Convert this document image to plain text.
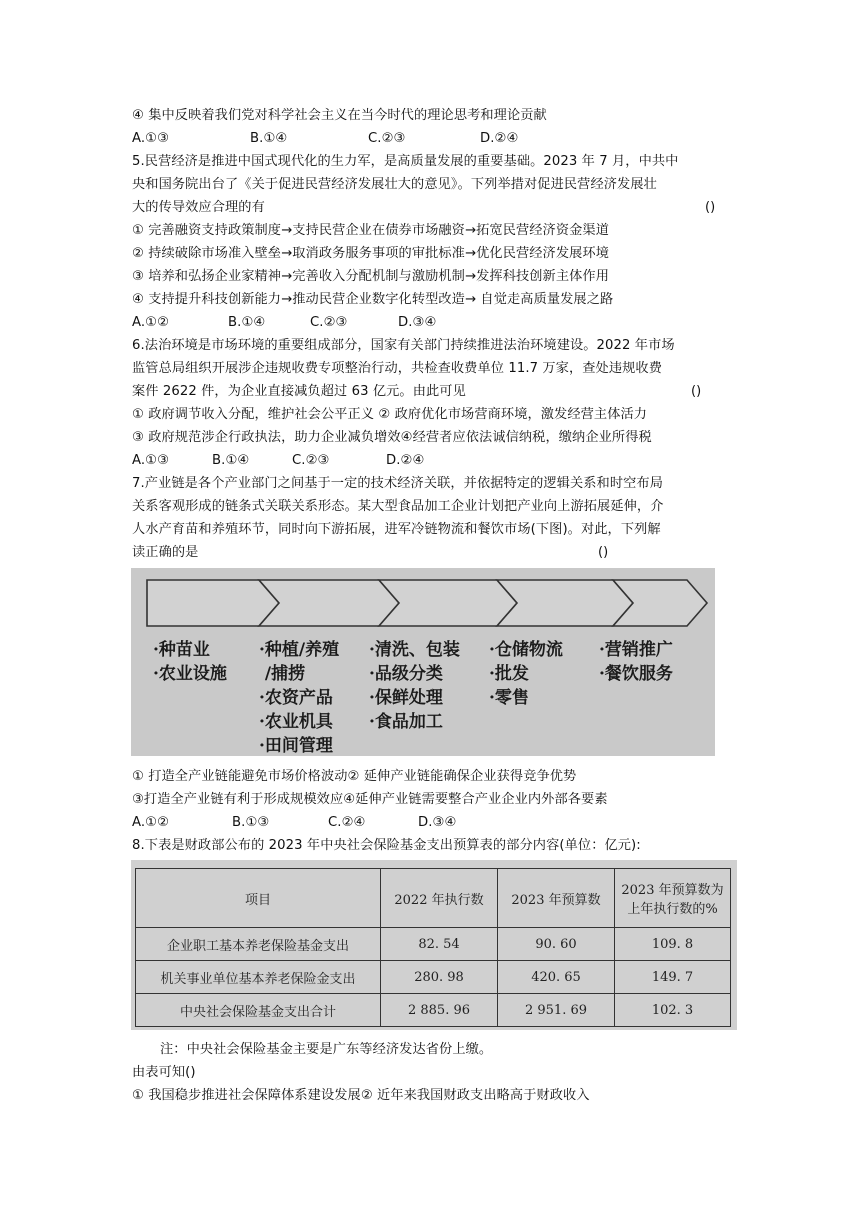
④ 集中反映着我们党对科学社会主义在当今时代的理论思考和理论贡献
A.①③	B.①④	C.②③	D.②④
5.民营经济是推进中国式现代化的生力军，是高质量发展的重要基础。2023 年 7 月，中共中
央和国务院出台了《关于促进民营经济发展壮大的意见》。下列举措对促进民营经济发展壮
大的传导效应合理的有	()
① 完善融资支持政策制度→支持民营企业在债券市场融资→拓宽民营经济资金渠道
② 持续破除市场准入壁垒→取消政务服务事项的审批标准→优化民营经济发展环境
③ 培养和弘扬企业家精神→完善收入分配机制与激励机制→发挥科技创新主体作用
④ 支持提升科技创新能力→推动民营企业数字化转型改造→ 自觉走高质量发展之路
A.①②	B.①④	C.②③	D.③④
6.法治环境是市场环境的重要组成部分，国家有关部门持续推进法治环境建设。2022 年市场
监管总局组织开展涉企违规收费专项整治行动，共检查收费单位 11.7 万家，查处违规收费
案件 2622 件，为企业直接减负超过 63 亿元。由此可见	()
① 政府调节收入分配，维护社会公平正义 ② 政府优化市场营商环境，激发经营主体活力
③ 政府规范涉企行政执法，助力企业减负增效④经营者应依法诚信纳税，缴纳企业所得税
A.①③	B.①④	C.②③	D.②④
7.产业链是各个产业部门之间基于一定的技术经济关联，并依据特定的逻辑关系和时空布局
关系客观形成的链条式关联关系形态。某大型食品加工企业计划把产业向上游拓展延伸，介
人水产育苗和养殖环节，同时向下游拓展，进军冷链物流和餐饮市场(下图)。对此，下列解
读正确的是	()
·种苗业
·农业设施
·种植/养殖
/捕捞
·农资产品
·农业机具
·田间管理
·清洗、包装
·品级分类
·保鲜处理
·食品加工
·仓储物流
·批发
·零售
·营销推广
·餐饮服务
① 打造全产业链能避免市场价格波动② 延伸产业链能确保企业获得竞争优势
③打造全产业链有利于形成规模效应④延伸产业链需要整合产业企业内外部各要素
A.①②	B.①③	C.②④	D.③④
8.下表是财政部公布的 2023 年中央社会保险基金支出预算表的部分内容(单位：亿元):
项目	2022 年执行数	2023 年预算数	2023 年预算数为
上年执行数的%

企业职工基本养老保险基金支出	82. 54	90. 60	109. 8
机关事业单位基本养老保险金支出	280. 98	420. 65	149. 7
中央社会保险基金支出合计	2 885. 96	2 951. 69	102. 3
注：中央社会保险基金主要是广东等经济发达省份上缴。
由表可知()
① 我国稳步推进社会保障体系建设发展② 近年来我国财政支出略高于财政收入
